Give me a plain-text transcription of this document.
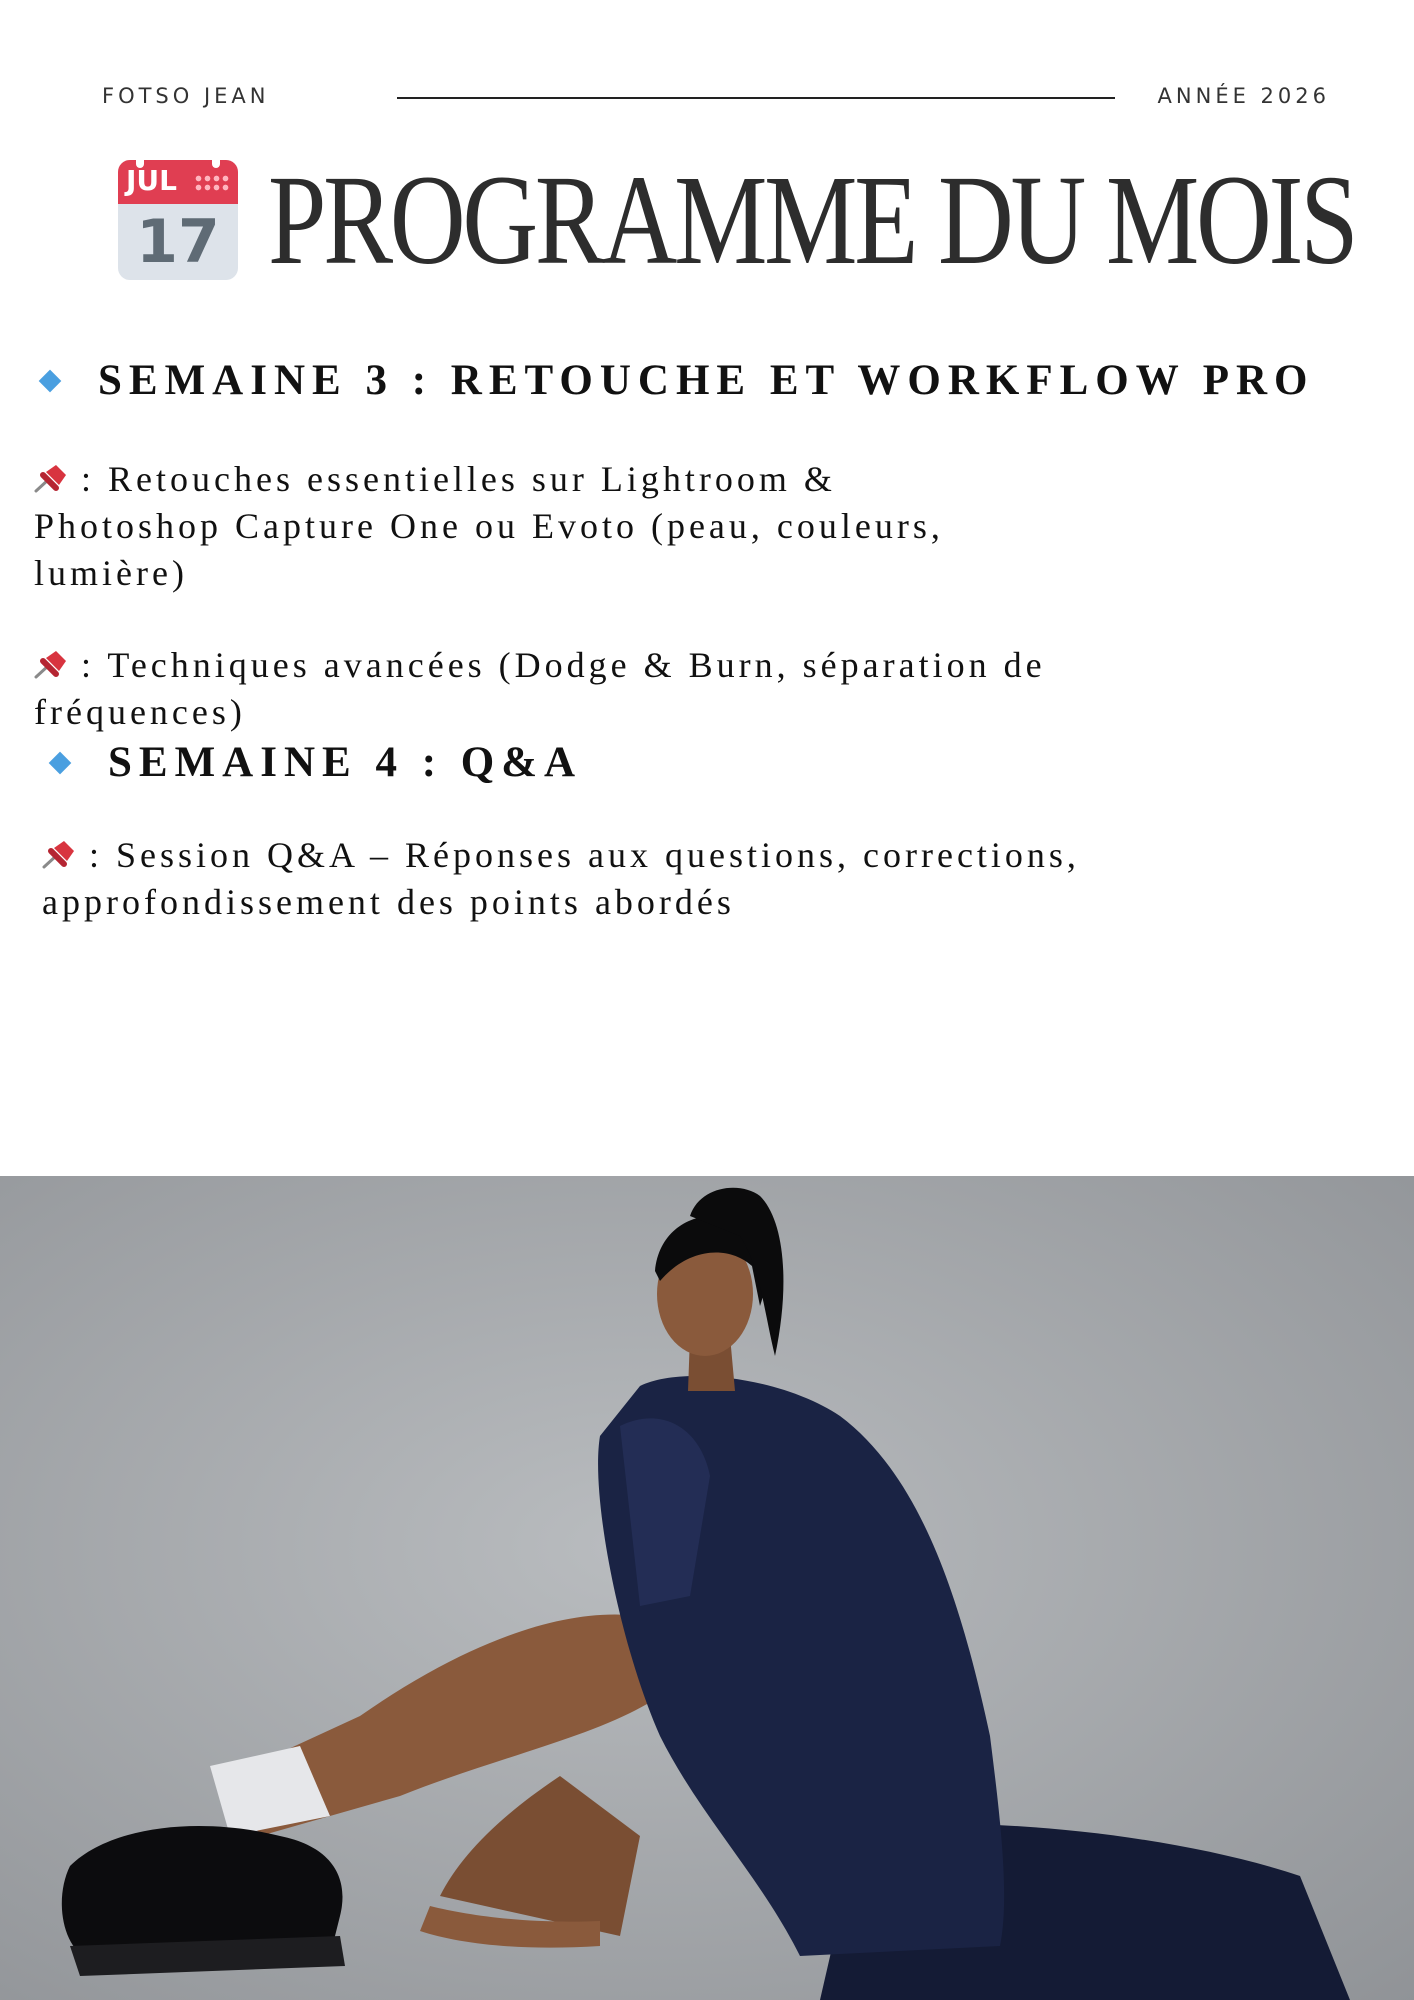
FOTSO JEAN	ANNÉE 2026
JUL
17 PROGRAMME DU MOIS
SEMAINE 3 : RETOUCHE ET WORKFLOW PRO
: Retouches essentielles sur Lightroom &
Photoshop Capture One ou Evoto (peau, couleurs,
lumière)
: Techniques avancées (Dodge & Burn, séparation de
fréquences)
SEMAINE 4 : Q&A
: Session Q&A – Réponses aux questions, corrections,
approfondissement des points abordés
